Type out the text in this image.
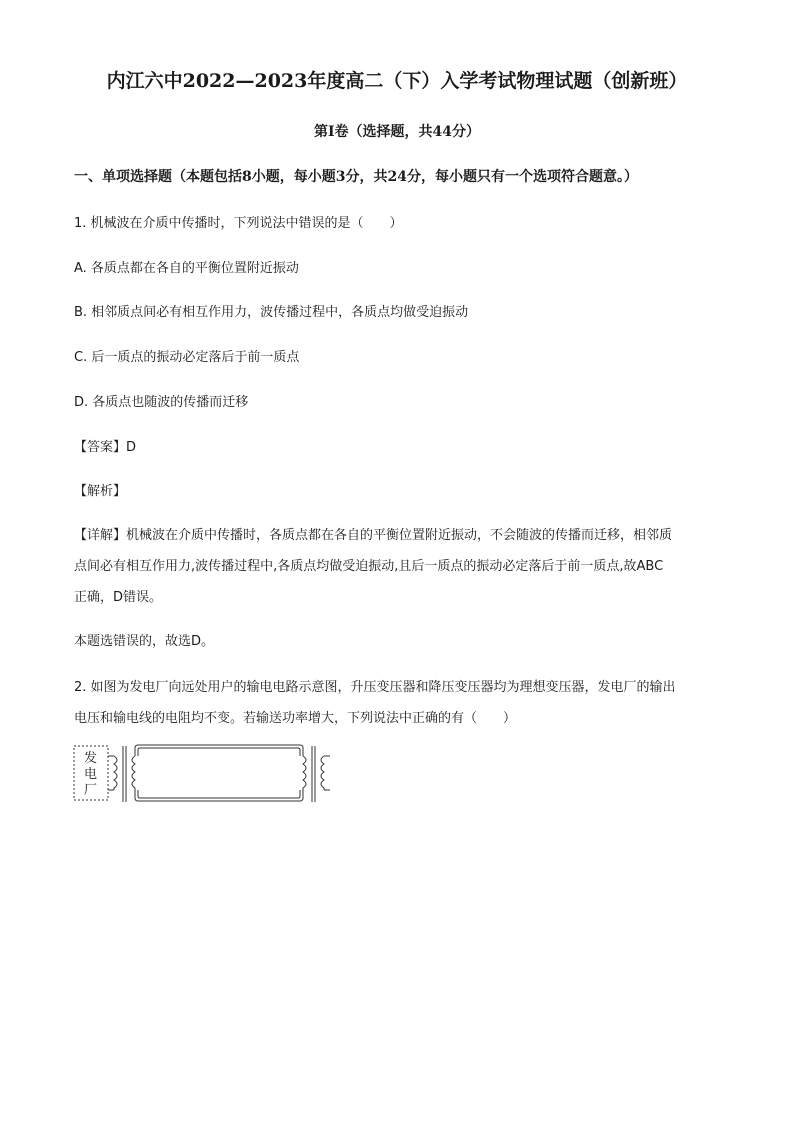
内江六中2022—2023年度高二（下）入学考试物理试题（创新班）
第I卷（选择题，共44分）
一、单项选择题（本题包括8小题，每小题3分，共24分，每小题只有一个选项符合题意。）
1. 机械波在介质中传播时，下列说法中错误的是（　　）
A. 各质点都在各自的平衡位置附近振动
B. 相邻质点间必有相互作用力，波传播过程中，各质点均做受迫振动
C. 后一质点的振动必定落后于前一质点
D. 各质点也随波的传播而迁移
【答案】D
【解析】
【详解】机械波在介质中传播时，各质点都在各自的平衡位置附近振动，不会随波的传播而迁移，相邻质
点间必有相互作用力,波传播过程中,各质点均做受迫振动,且后一质点的振动必定落后于前一质点,故ABC
正确，D错误。
本题选错误的，故选D。
2. 如图为发电厂向远处用户的输电电路示意图，升压变压器和降压变压器均为理想变压器，发电厂的输出
电压和输电线的电阻均不变。若输送功率增大，下列说法中正确的有（　　）
发
电
厂
